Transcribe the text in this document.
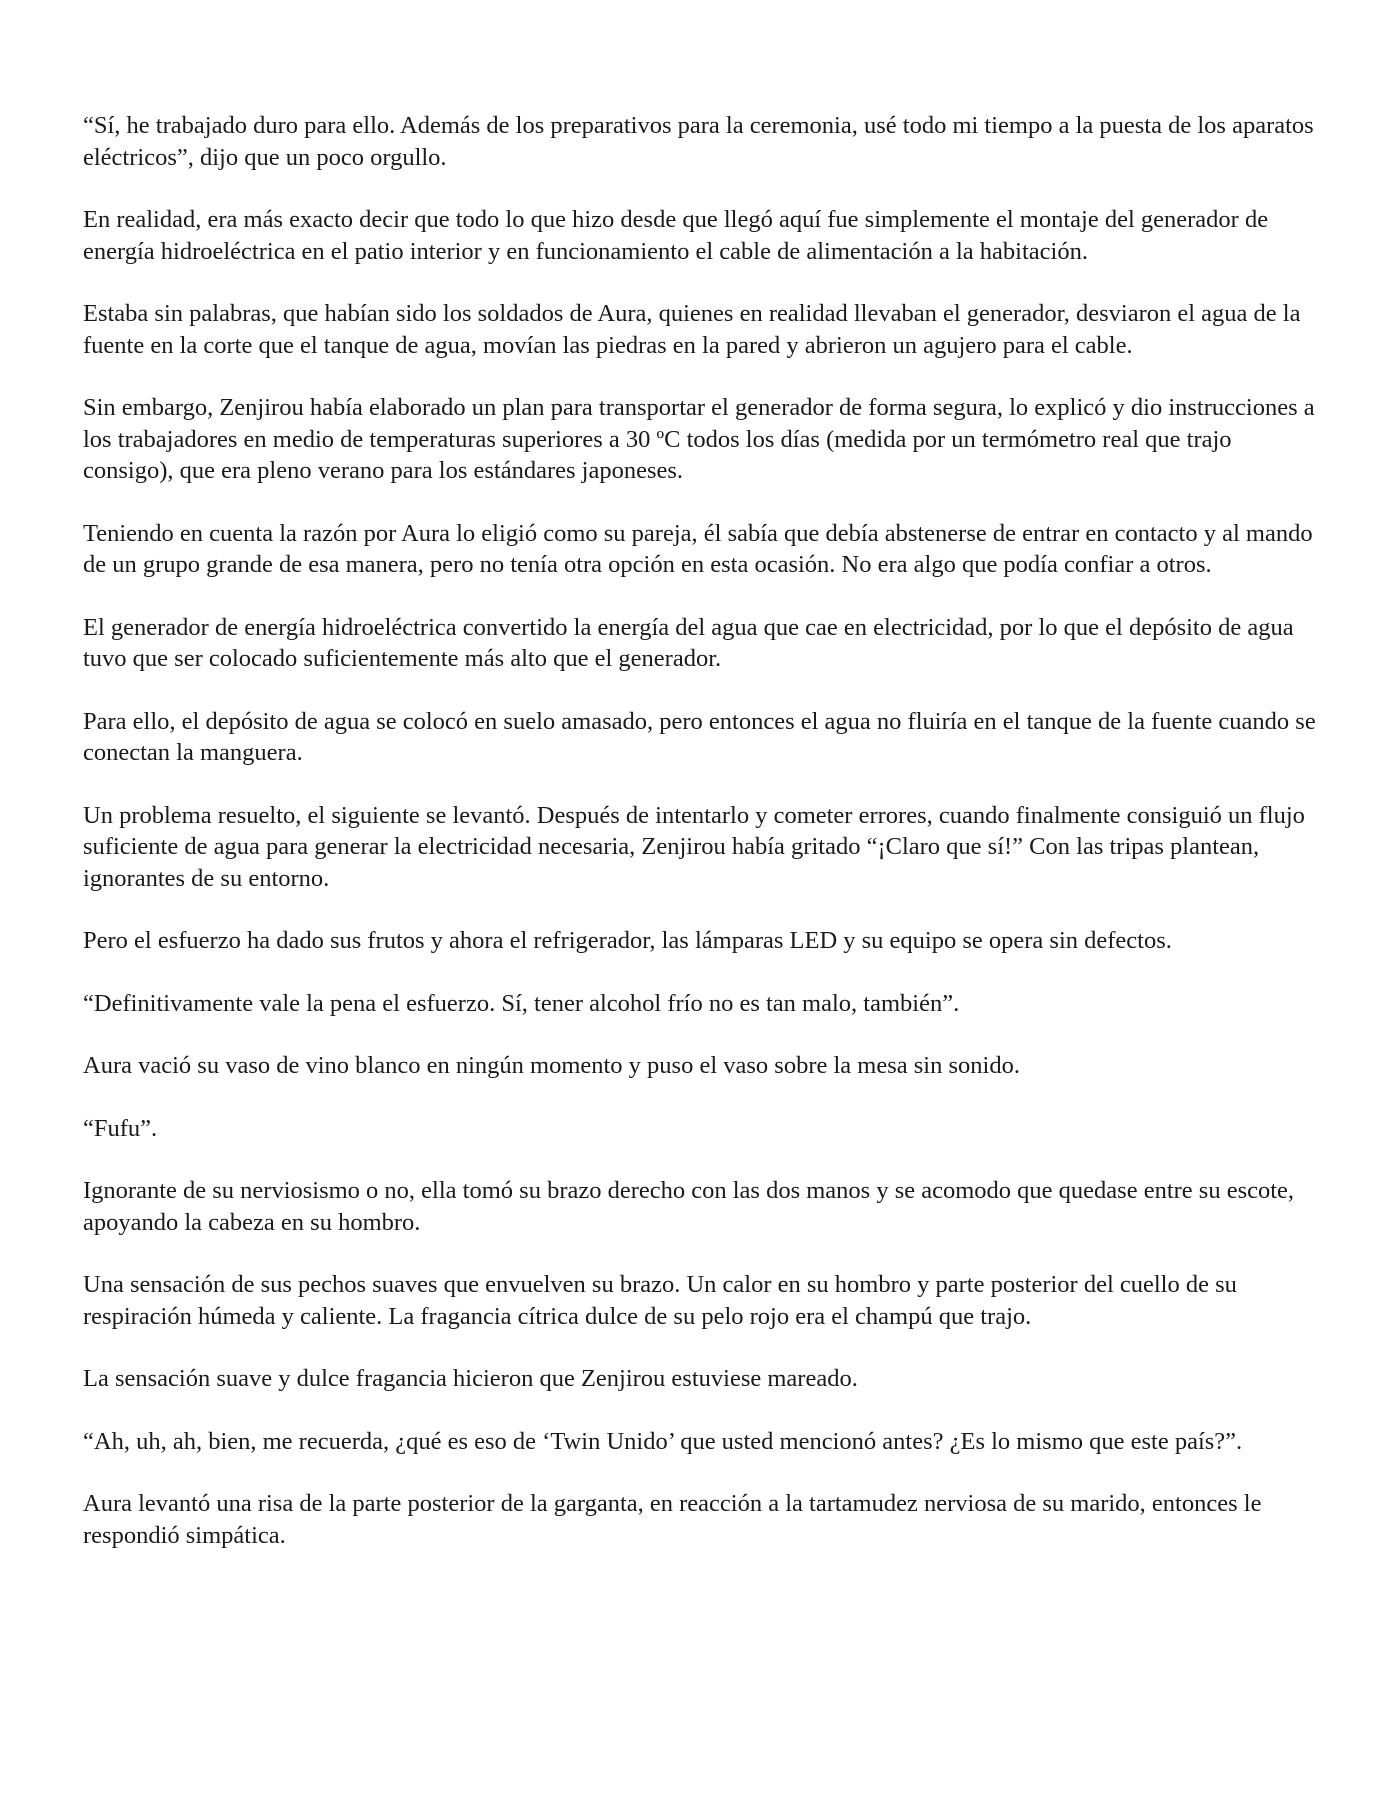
“Sí, he trabajado duro para ello. Además de los preparativos para la ceremonia, usé todo mi tiempo a la puesta de los aparatos eléctricos”, dijo que un poco orgullo.

En realidad, era más exacto decir que todo lo que hizo desde que llegó aquí fue simplemente el montaje del generador de energía hidroeléctrica en el patio interior y en funcionamiento el cable de alimentación a la habitación.

Estaba sin palabras, que habían sido los soldados de Aura, quienes en realidad llevaban el generador, desviaron el agua de la fuente en la corte que el tanque de agua, movían las piedras en la pared y abrieron un agujero para el cable.

Sin embargo, Zenjirou había elaborado un plan para transportar el generador de forma segura, lo explicó y dio instrucciones a los trabajadores en medio de temperaturas superiores a 30 ºC todos los días (medida por un termómetro real que trajo consigo), que era pleno verano para los estándares japoneses.

Teniendo en cuenta la razón por Aura lo eligió como su pareja, él sabía que debía abstenerse de entrar en contacto y al mando de un grupo grande de esa manera, pero no tenía otra opción en esta ocasión. No era algo que podía confiar a otros.

El generador de energía hidroeléctrica convertido la energía del agua que cae en electricidad, por lo que el depósito de agua tuvo que ser colocado suficientemente más alto que el generador.

Para ello, el depósito de agua se colocó en suelo amasado, pero entonces el agua no fluiría en el tanque de la fuente cuando se conectan la manguera.

Un problema resuelto, el siguiente se levantó. Después de intentarlo y cometer errores, cuando finalmente consiguió un flujo suficiente de agua para generar la electricidad necesaria, Zenjirou había gritado “¡Claro que sí!” Con las tripas plantean, ignorantes de su entorno.

Pero el esfuerzo ha dado sus frutos y ahora el refrigerador, las lámparas LED y su equipo se opera sin defectos.

“Definitivamente vale la pena el esfuerzo. Sí, tener alcohol frío no es tan malo, también”.

Aura vació su vaso de vino blanco en ningún momento y puso el vaso sobre la mesa sin sonido.

“Fufu”.

Ignorante de su nerviosismo o no, ella tomó su brazo derecho con las dos manos y se acomodo que quedase entre su escote, apoyando la cabeza en su hombro.

Una sensación de sus pechos suaves que envuelven su brazo. Un calor en su hombro y parte posterior del cuello de su respiración húmeda y caliente. La fragancia cítrica dulce de su pelo rojo era el champú que trajo.

La sensación suave y dulce fragancia hicieron que Zenjirou estuviese mareado.

“Ah, uh, ah, bien, me recuerda, ¿qué es eso de ‘Twin Unido’ que usted mencionó antes? ¿Es lo mismo que este país?”.

Aura levantó una risa de la parte posterior de la garganta, en reacción a la tartamudez nerviosa de su marido, entonces le respondió simpática.
